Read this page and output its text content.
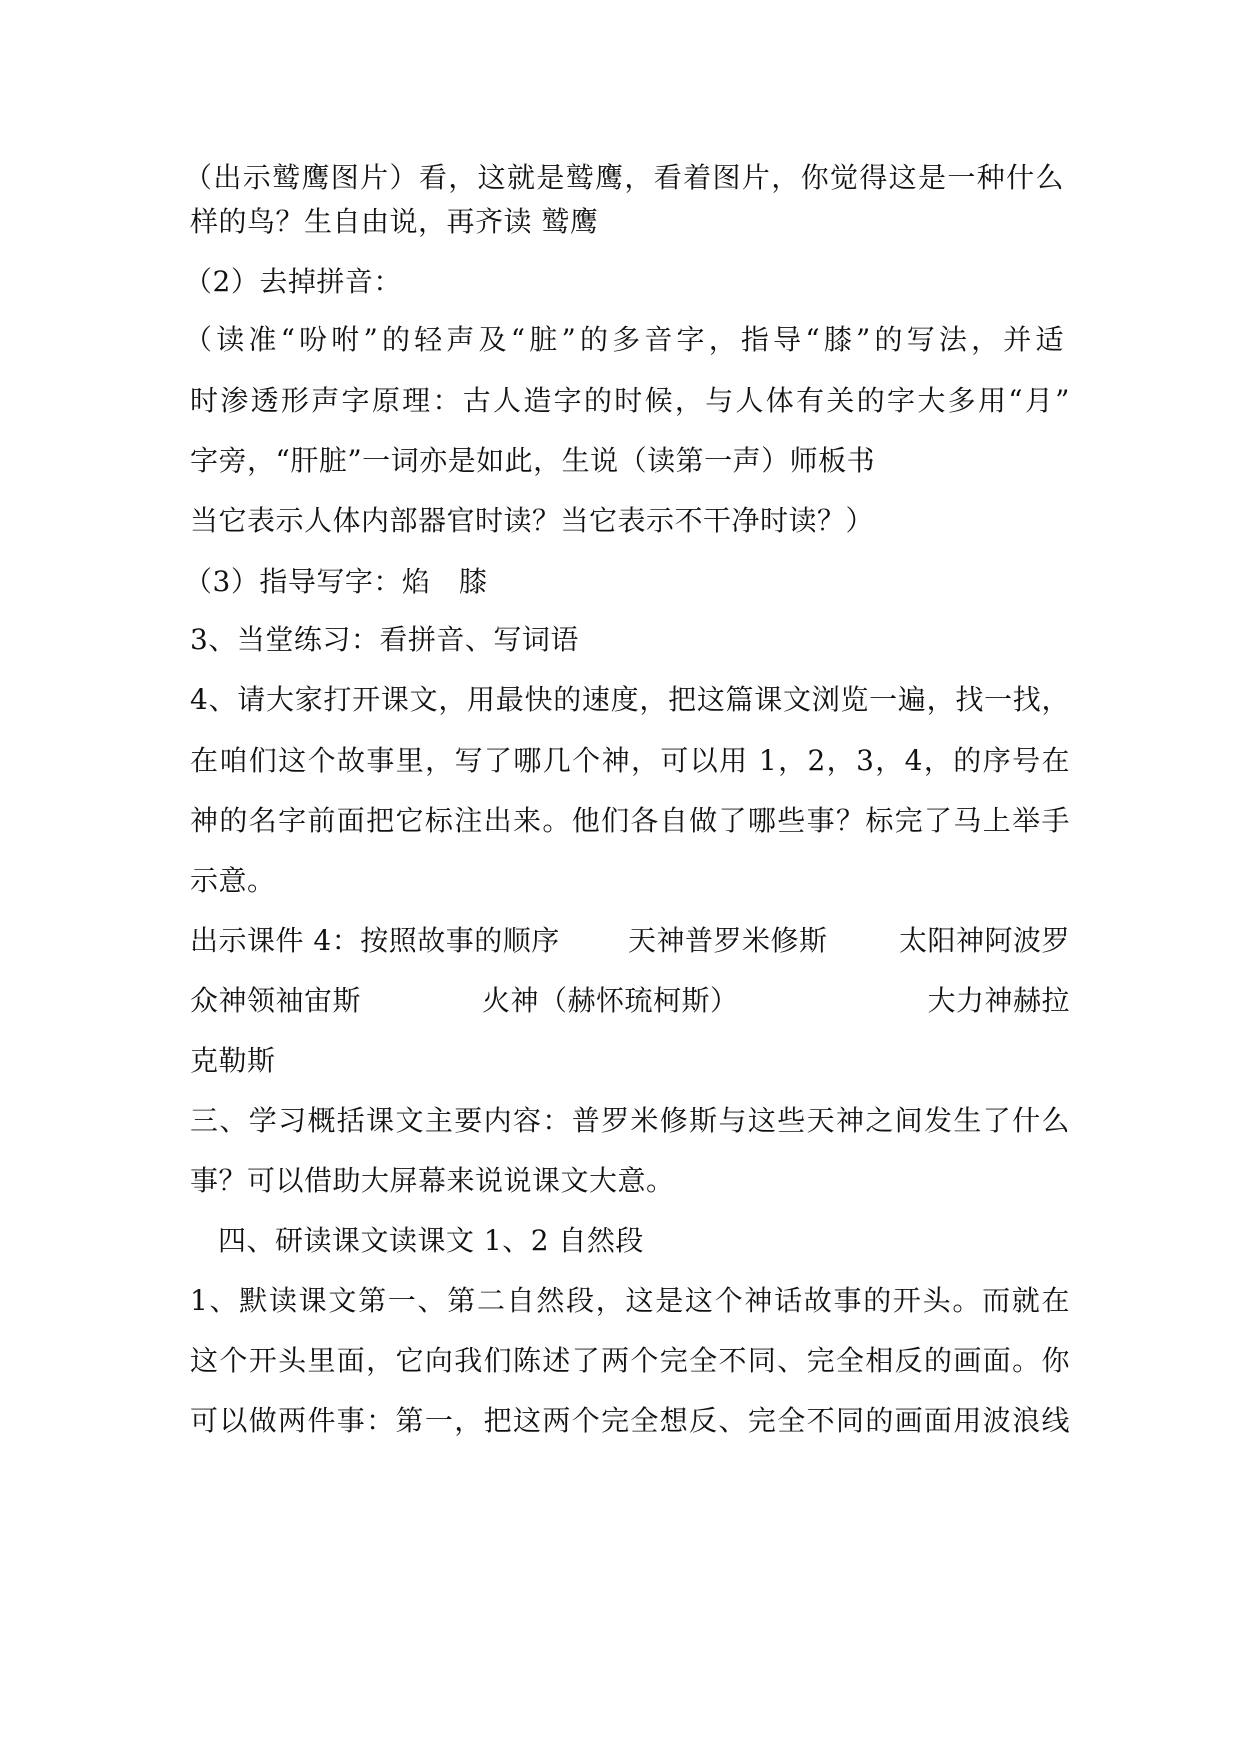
（出示鹫鹰图片）看，这就是鹫鹰，看着图片，你觉得这是一种什么
样的鸟？生自由说，再齐读 鹫鹰
（2）去掉拼音：
（读准“吩咐”的轻声及“脏”的多音字，指导“膝”的写法，并适
时渗透形声字原理：古人造字的时候，与人体有关的字大多用“月”
字旁，“肝脏”一词亦是如此，生说（读第一声）师板书
当它表示人体内部器官时读？当它表示不干净时读？）
（3）指导写字：焰　膝
3、当堂练习：看拼音、写词语
4、请大家打开课文，用最快的速度，把这篇课文浏览一遍，找一找，
在咱们这个故事里，写了哪几个神，可以用 1，2，3，4，的序号在
神的名字前面把它标注出来。他们各自做了哪些事？标完了马上举手
示意。
出示课件 4：按照故事的顺序 天神普罗米修斯	太阳神阿波罗
众神领袖宙斯	火神（赫怀琉柯斯）	大力神赫拉
克勒斯
三、学习概括课文主要内容：普罗米修斯与这些天神之间发生了什么
事？可以借助大屏幕来说说课文大意。
四、研读课文读课文 1、2 自然段
1、默读课文第一、第二自然段，这是这个神话故事的开头。而就在
这个开头里面，它向我们陈述了两个完全不同、完全相反的画面。你
可以做两件事：第一，把这两个完全想反、完全不同的画面用波浪线
